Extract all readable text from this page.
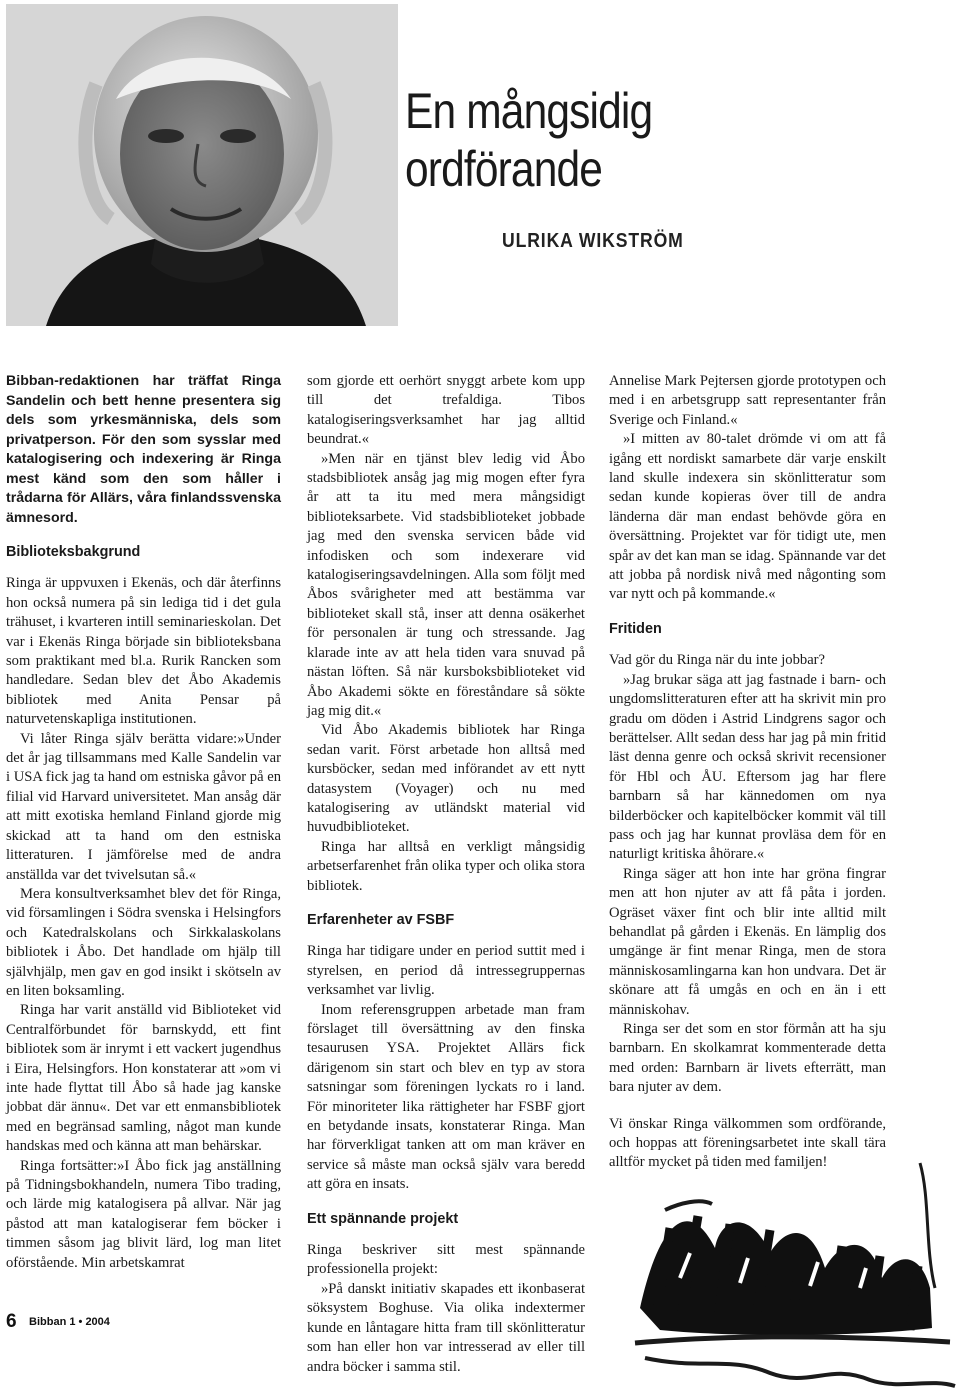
En mångsidig
ordförande
ULRIKA WIKSTRÖM

Bibban-redaktionen har träffat Ringa Sandelin och bett henne presentera sig dels som yrkesmänniska, dels som privatperson. För den som sysslar med katalogisering och indexering är Ringa mest känd som den som håller i trådarna för Allärs, våra finlandssvenska ämnesord.

Biblioteksbakgrund

Ringa är uppvuxen i Ekenäs, och där återfinns hon också numera på sin lediga tid i det gula trähuset, i kvarteren intill seminarieskolan. Det var i Ekenäs Ringa började sin biblioteksbana som praktikant med bl.a. Rurik Rancken som handledare. Sedan blev det Åbo Akademis bibliotek med Anita Pensar på naturvetenskapliga institutionen.

Vi låter Ringa själv berätta vidare:»Under det år jag tillsammans med Kalle Sandelin var i USA fick jag ta hand om estniska gåvor på en filial vid Harvard universitetet. Man ansåg där att mitt exotiska hemland Finland gjorde mig skickad att ta hand om den estniska litteraturen. I jämförelse med de andra anställda var det tvivelsutan så.«

Mera konsultverksamhet blev det för Ringa, vid församlingen i Södra svenska i Helsingfors och Katedralskolans och Sirkkalaskolans bibliotek i Åbo. Det handlade om hjälp till självhjälp, men gav en god insikt i skötseln av en liten boksamling.

Ringa har varit anställd vid Biblioteket vid Centralförbundet för barnskydd, ett fint bibliotek som är inrymt i ett vackert jugendhus i Eira, Helsingfors. Hon konstaterar att »om vi inte hade flyttat till Åbo så hade jag kanske jobbat där ännu«. Det var ett enmansbibliotek med en begränsad samling, något man kunde handskas med och känna att man behärskar.

Ringa fortsätter:»I Åbo fick jag anställning på Tidningsbokhandeln, numera Tibo trading, och lärde mig katalogisera på allvar. När jag påstod att man katalogiserar fem böcker i timmen såsom jag blivit lärd, log man litet oförstående. Min arbetskamrat

som gjorde ett oerhört snyggt arbete kom upp till det trefaldiga. Tibos katalogiseringsverksamhet har jag alltid beundrat.«

»Men när en tjänst blev ledig vid Åbo stadsbibliotek ansåg jag mig mogen efter fyra år att ta itu med mera mångsidigt biblioteksarbete. Vid stadsbiblioteket jobbade jag med den svenska servicen både vid infodisken och som indexerare vid katalogiseringsavdelningen. Alla som följt med Åbos svårigheter med att bestämma var biblioteket skall stå, inser att denna osäkerhet för personalen är tung och stressande. Jag klarade inte av att hela tiden vara snuvad på nästan löften. Så när kursboksbiblioteket vid Åbo Akademi sökte en föreståndare så sökte jag mig dit.«

Vid Åbo Akademis bibliotek har Ringa sedan varit. Först arbetade hon alltså med kursböcker, sedan med införandet av ett nytt datasystem (Voyager) och nu med katalogisering av utländskt material vid huvudbiblioteket.

Ringa har alltså en verkligt mångsidig arbetserfarenhet från olika typer och olika stora bibliotek.

Erfarenheter av FSBF

Ringa har tidigare under en period suttit med i styrelsen, en period då intressegruppernas verksamhet var livlig.

Inom referensgruppen arbetade man fram förslaget till översättning av den finska tesaurusen YSA. Projektet Allärs fick därigenom sin start och blev en typ av stora satsningar som föreningen lyckats ro i land. För minoriteter lika rättigheter har FSBF gjort en betydande insats, konstaterar Ringa. Man har förverkligat tanken att om man kräver en service så måste man också själv vara beredd att göra en insats.

Ett spännande projekt

Ringa beskriver sitt mest spännande professionella projekt:

»På danskt initiativ skapades ett ikonbaserat söksystem Boghuse. Via olika indextermer kunde en låntagare hitta fram till skönlitteratur som han eller hon var intresserad av eller till andra böcker i samma stil.

Annelise Mark Pejtersen gjorde prototypen och med i en arbetsgrupp satt representanter från Sverige och Finland.«

»I mitten av 80-talet drömde vi om att få igång ett nordiskt samarbete där varje enskilt land skulle indexera sin skönlitteratur som sedan kunde kopieras över till de andra länderna där man endast behövde göra en översättning. Projektet var för tidigt ute, men spår av det kan man se idag. Spännande var det att jobba på nordisk nivå med någonting som var nytt och på kommande.«

Fritiden

Vad gör du Ringa när du inte jobbar?

»Jag brukar säga att jag fastnade i barn- och ungdomslitteraturen efter att ha skrivit min pro gradu om döden i Astrid Lindgrens sagor och berättelser. Allt sedan dess har jag på min fritid läst denna genre och också skrivit recensioner för Hbl och ÅU. Eftersom jag har flere barnbarn så har kännedomen om nya bilderböcker och kapitelböcker kommit väl till pass och jag har kunnat provläsa dem för en naturligt kritiska åhörare.«

Ringa säger att hon inte har gröna fingrar men att hon njuter av att få påta i jorden. Ogräset växer fint och blir inte alltid milt behandlat på gården i Ekenäs. En lämplig dos umgänge är fint menar Ringa, men de stora människosamlingarna kan hon undvara. Det är skönare att få umgås en och en än i ett människohav.

Ringa ser det som en stor förmån att ha sju barnbarn. En skolkamrat kommenterade detta med orden: Barnbarn är livets efterrätt, man bara njuter av dem.

Vi önskar Ringa välkommen som ordförande, och hoppas att föreningsarbetet inte skall tära alltför mycket på tiden med familjen!

6 Bibban 1 • 2004
